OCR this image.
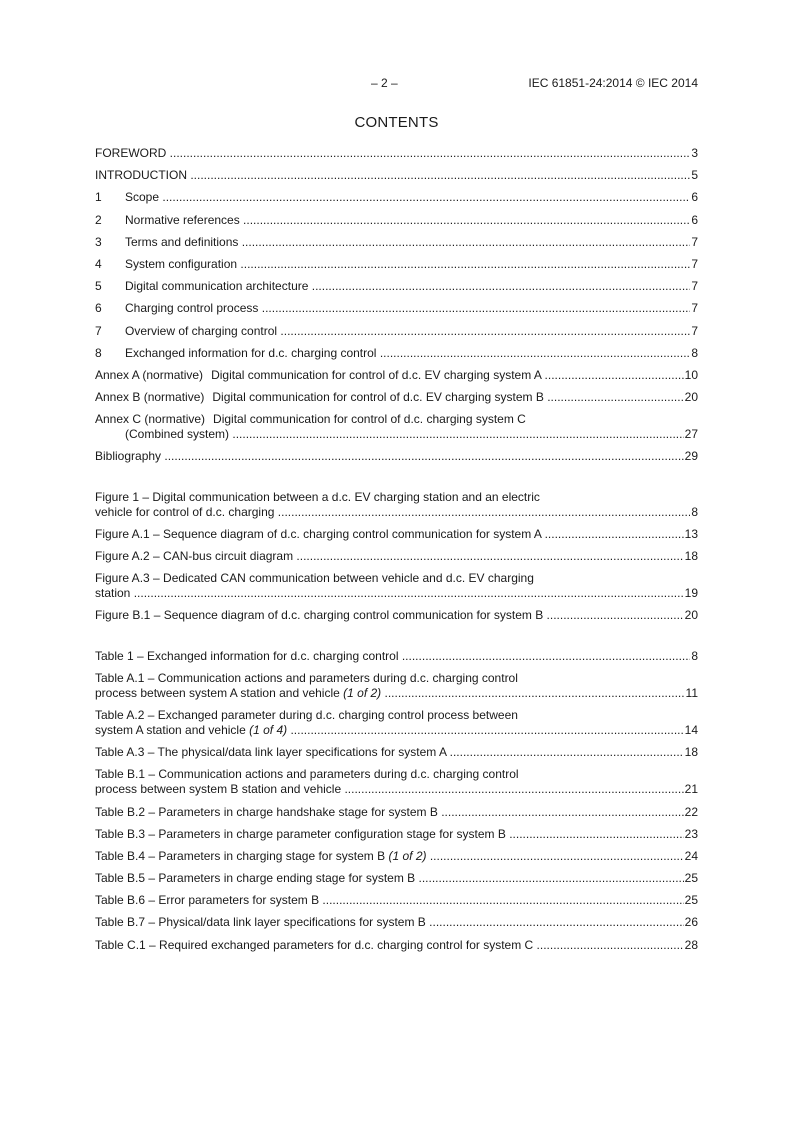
– 2 –	IEC 61851-24:2014 © IEC 2014
CONTENTS
FOREWORD .....	3
INTRODUCTION .....	5
1 Scope .....	6
2 Normative references .....	6
3 Terms and definitions .....	7
4 System configuration .....	7
5 Digital communication architecture .....	7
6 Charging control process .....	7
7 Overview of charging control .....	7
8 Exchanged information for d.c. charging control .....	8
Annex A (normative) Digital communication for control of d.c. EV charging system A .....	10
Annex B (normative) Digital communication for control of d.c. EV charging system B .....	20
Annex C (normative) Digital communication for control of d.c. charging system C
(Combined system) .....	27
Bibliography .....	29
Figure 1 – Digital communication between a d.c. EV charging station and an electric
vehicle for control of d.c. charging .....	8
Figure A.1 – Sequence diagram of d.c. charging control communication for system A .....	13
Figure A.2 – CAN-bus circuit diagram .....	18
Figure A.3 – Dedicated CAN communication between vehicle and d.c. EV charging
station .....	19
Figure B.1 – Sequence diagram of d.c. charging control communication for system B .....	20
Table 1 – Exchanged information for d.c. charging control .....	8
Table A.1 – Communication actions and parameters during d.c. charging control
process between system A station and vehicle (1 of 2) .....	11
Table A.2 – Exchanged parameter during d.c. charging control process between
system A station and vehicle (1 of 4) .....	14
Table A.3 – The physical/data link layer specifications for system A .....	18
Table B.1 – Communication actions and parameters during d.c. charging control
process between system B station and vehicle .....	21
Table B.2 – Parameters in charge handshake stage for system B .....	22
Table B.3 – Parameters in charge parameter configuration stage for system B .....	23
Table B.4 – Parameters in charging stage for system B (1 of 2) .....	24
Table B.5 – Parameters in charge ending stage for system B .....	25
Table B.6 – Error parameters for system B .....	25
Table B.7 – Physical/data link layer specifications for system B .....	26
Table C.1 – Required exchanged parameters for d.c. charging control for system C .....	28
